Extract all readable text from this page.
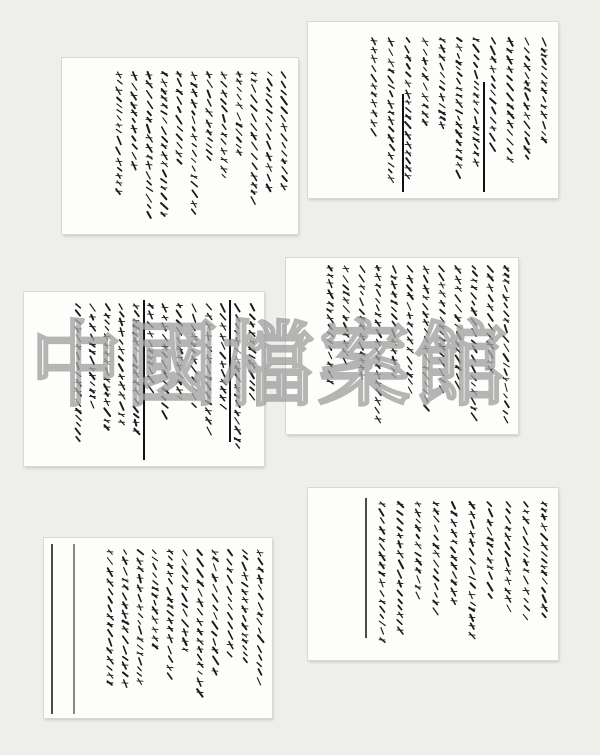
中國檔案館
